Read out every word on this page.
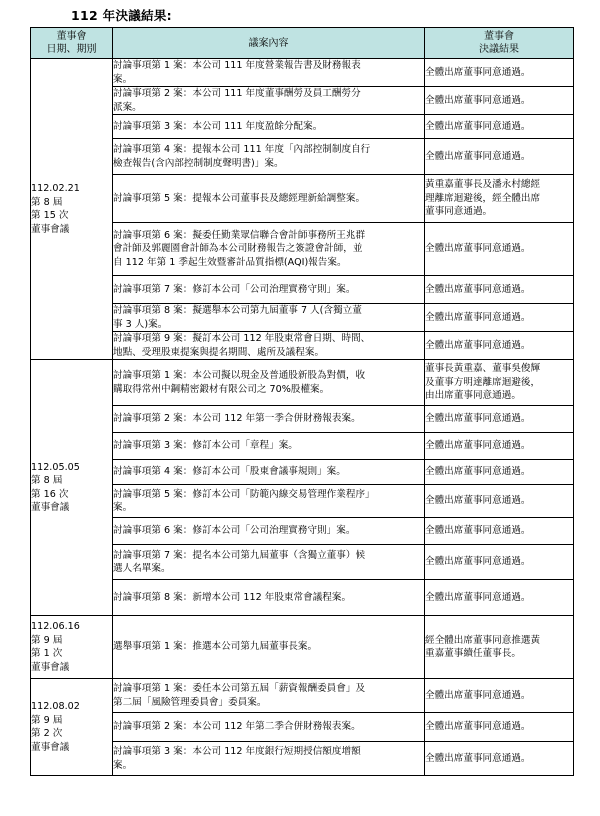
112 年決議結果:
董事會
日期、期別	議案內容	董事會
決議結果

112.02.21
第 8 屆
第 15 次
董事會議	討論事項第 1 案：本公司 111 年度營業報告書及財務報表
案。	全體出席董事同意通過。

	討論事項第 2 案：本公司 111 年度董事酬勞及員工酬勞分
派案。	全體出席董事同意通過。

	討論事項第 3 案：本公司 111 年度盈餘分配案。	全體出席董事同意通過。

	討論事項第 4 案：提報本公司 111 年度「內部控制制度自行
檢查報告(含內部控制制度聲明書)」案。	全體出席董事同意通過。

	討論事項第 5 案：提報本公司董事長及總經理新給調整案。	黃重嘉董事長及潘永村總經
理離席迴避後，經全體出席
董事同意通過。

	討論事項第 6 案：擬委任勤業眾信聯合會計師事務所王兆群
會計師及郭麗園會計師為本公司財務報告之簽證會計師，並
自 112 年第 1 季起生效暨審計品質指標(AQI)報告案。	全體出席董事同意通過。

	討論事項第 7 案：修訂本公司「公司治理實務守則」案。	全體出席董事同意通過。

	討論事項第 8 案：擬選舉本公司第九屆董事 7 人(含獨立董
事 3 人)案。	全體出席董事同意通過。

	討論事項第 9 案：擬訂本公司 112 年股東常會日期、時間、
地點、受理股東提案與提名期間、處所及議程案。	全體出席董事同意通過。

112.05.05
第 8 屆
第 16 次
董事會議	討論事項第 1 案：本公司擬以現金及普通股新股為對價，收
購取得常州中鋼精密鍛材有限公司之 70%股權案。	董事長黃重嘉、董事吳俊輝
及董事方明達離席迴避後，
由出席董事同意通過。

	討論事項第 2 案：本公司 112 年第一季合併財務報表案。	全體出席董事同意通過。

	討論事項第 3 案：修訂本公司「章程」案。	全體出席董事同意通過。

	討論事項第 4 案：修訂本公司「股東會議事規則」案。	全體出席董事同意通過。

	討論事項第 5 案：修訂本公司「防範內線交易管理作業程序」
案。	全體出席董事同意通過。

	討論事項第 6 案：修訂本公司「公司治理實務守則」案。	全體出席董事同意通過。

	討論事項第 7 案：提名本公司第九屆董事（含獨立董事）候
選人名單案。	全體出席董事同意通過。

	討論事項第 8 案：新增本公司 112 年股東常會議程案。	全體出席董事同意通過。

112.06.16
第 9 屆
第 1 次
董事會議	選舉事項第 1 案：推選本公司第九屆董事長案。	經全體出席董事同意推選黃
重嘉董事續任董事長。

112.08.02
第 9 屆
第 2 次
董事會議	討論事項第 1 案：委任本公司第五屆「薪資報酬委員會」及
第二屆「風險管理委員會」委員案。	全體出席董事同意通過。

	討論事項第 2 案：本公司 112 年第二季合併財務報表案。	全體出席董事同意通過。

	討論事項第 3 案：本公司 112 年度銀行短期授信額度增額
案。	全體出席董事同意通過。
